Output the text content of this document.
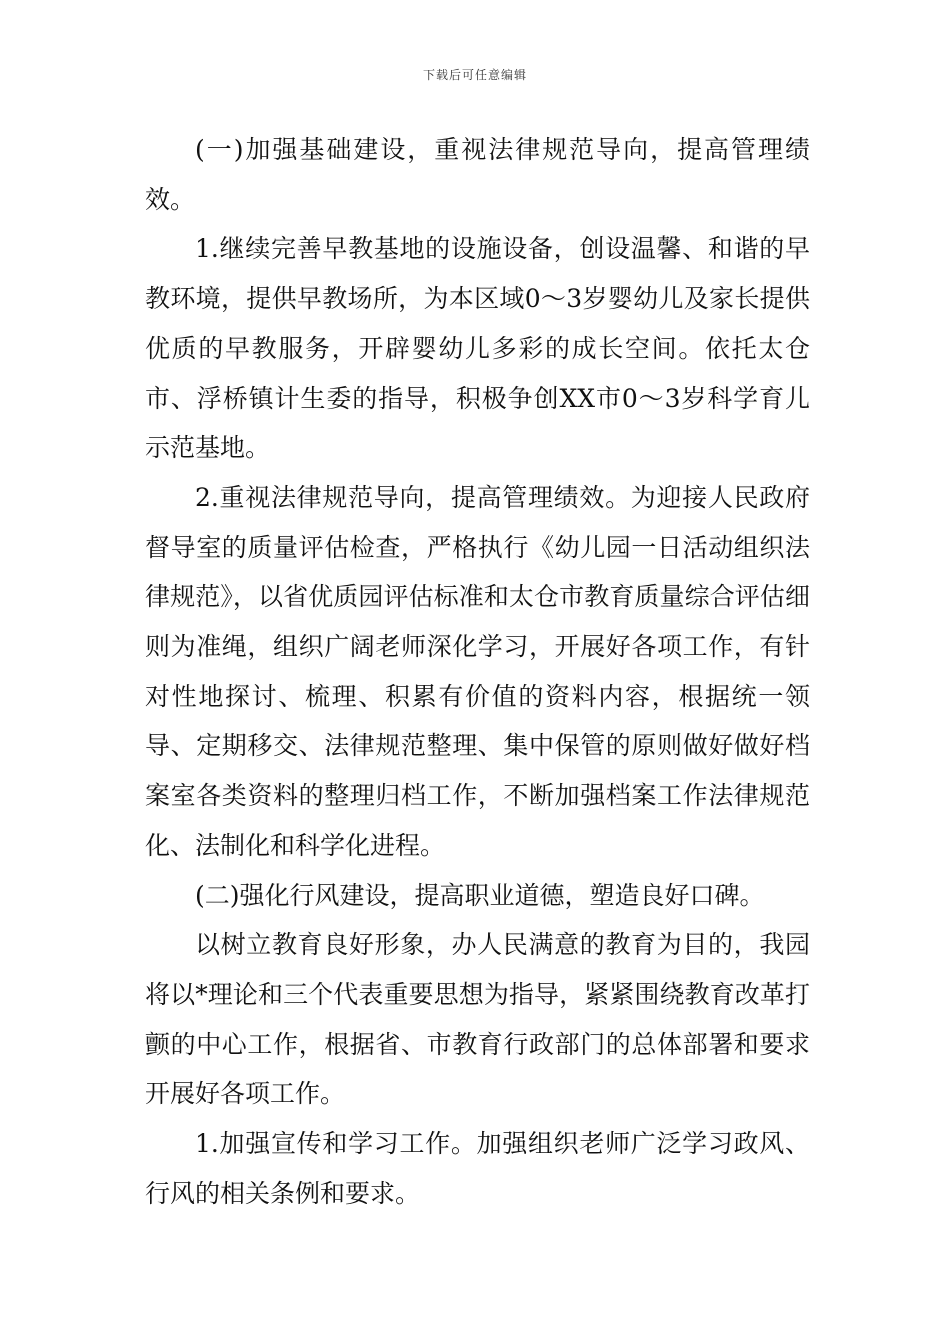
下载后可任意编辑

(一)加强基础建设，重视法律规范导向，提高管理绩效。

1.继续完善早教基地的设施设备，创设温馨、和谐的早教环境，提供早教场所，为本区域0～3岁婴幼儿及家长提供优质的早教服务，开辟婴幼儿多彩的成长空间。依托太仓市、浮桥镇计生委的指导，积极争创XX市0～3岁科学育儿示范基地。

2.重视法律规范导向，提高管理绩效。为迎接人民政府督导室的质量评估检查，严格执行《幼儿园一日活动组织法律规范》，以省优质园评估标准和太仓市教育质量综合评估细则为准绳，组织广阔老师深化学习，开展好各项工作，有针对性地探讨、梳理、积累有价值的资料内容，根据统一领导、定期移交、法律规范整理、集中保管的原则做好做好档案室各类资料的整理归档工作，不断加强档案工作法律规范化、法制化和科学化进程。

(二)强化行风建设，提高职业道德，塑造良好口碑。

以树立教育良好形象，办人民满意的教育为目的，我园将以*理论和三个代表重要思想为指导，紧紧围绕教育改革打颤的中心工作，根据省、市教育行政部门的总体部署和要求开展好各项工作。

1.加强宣传和学习工作。加强组织老师广泛学习政风、行风的相关条例和要求。
